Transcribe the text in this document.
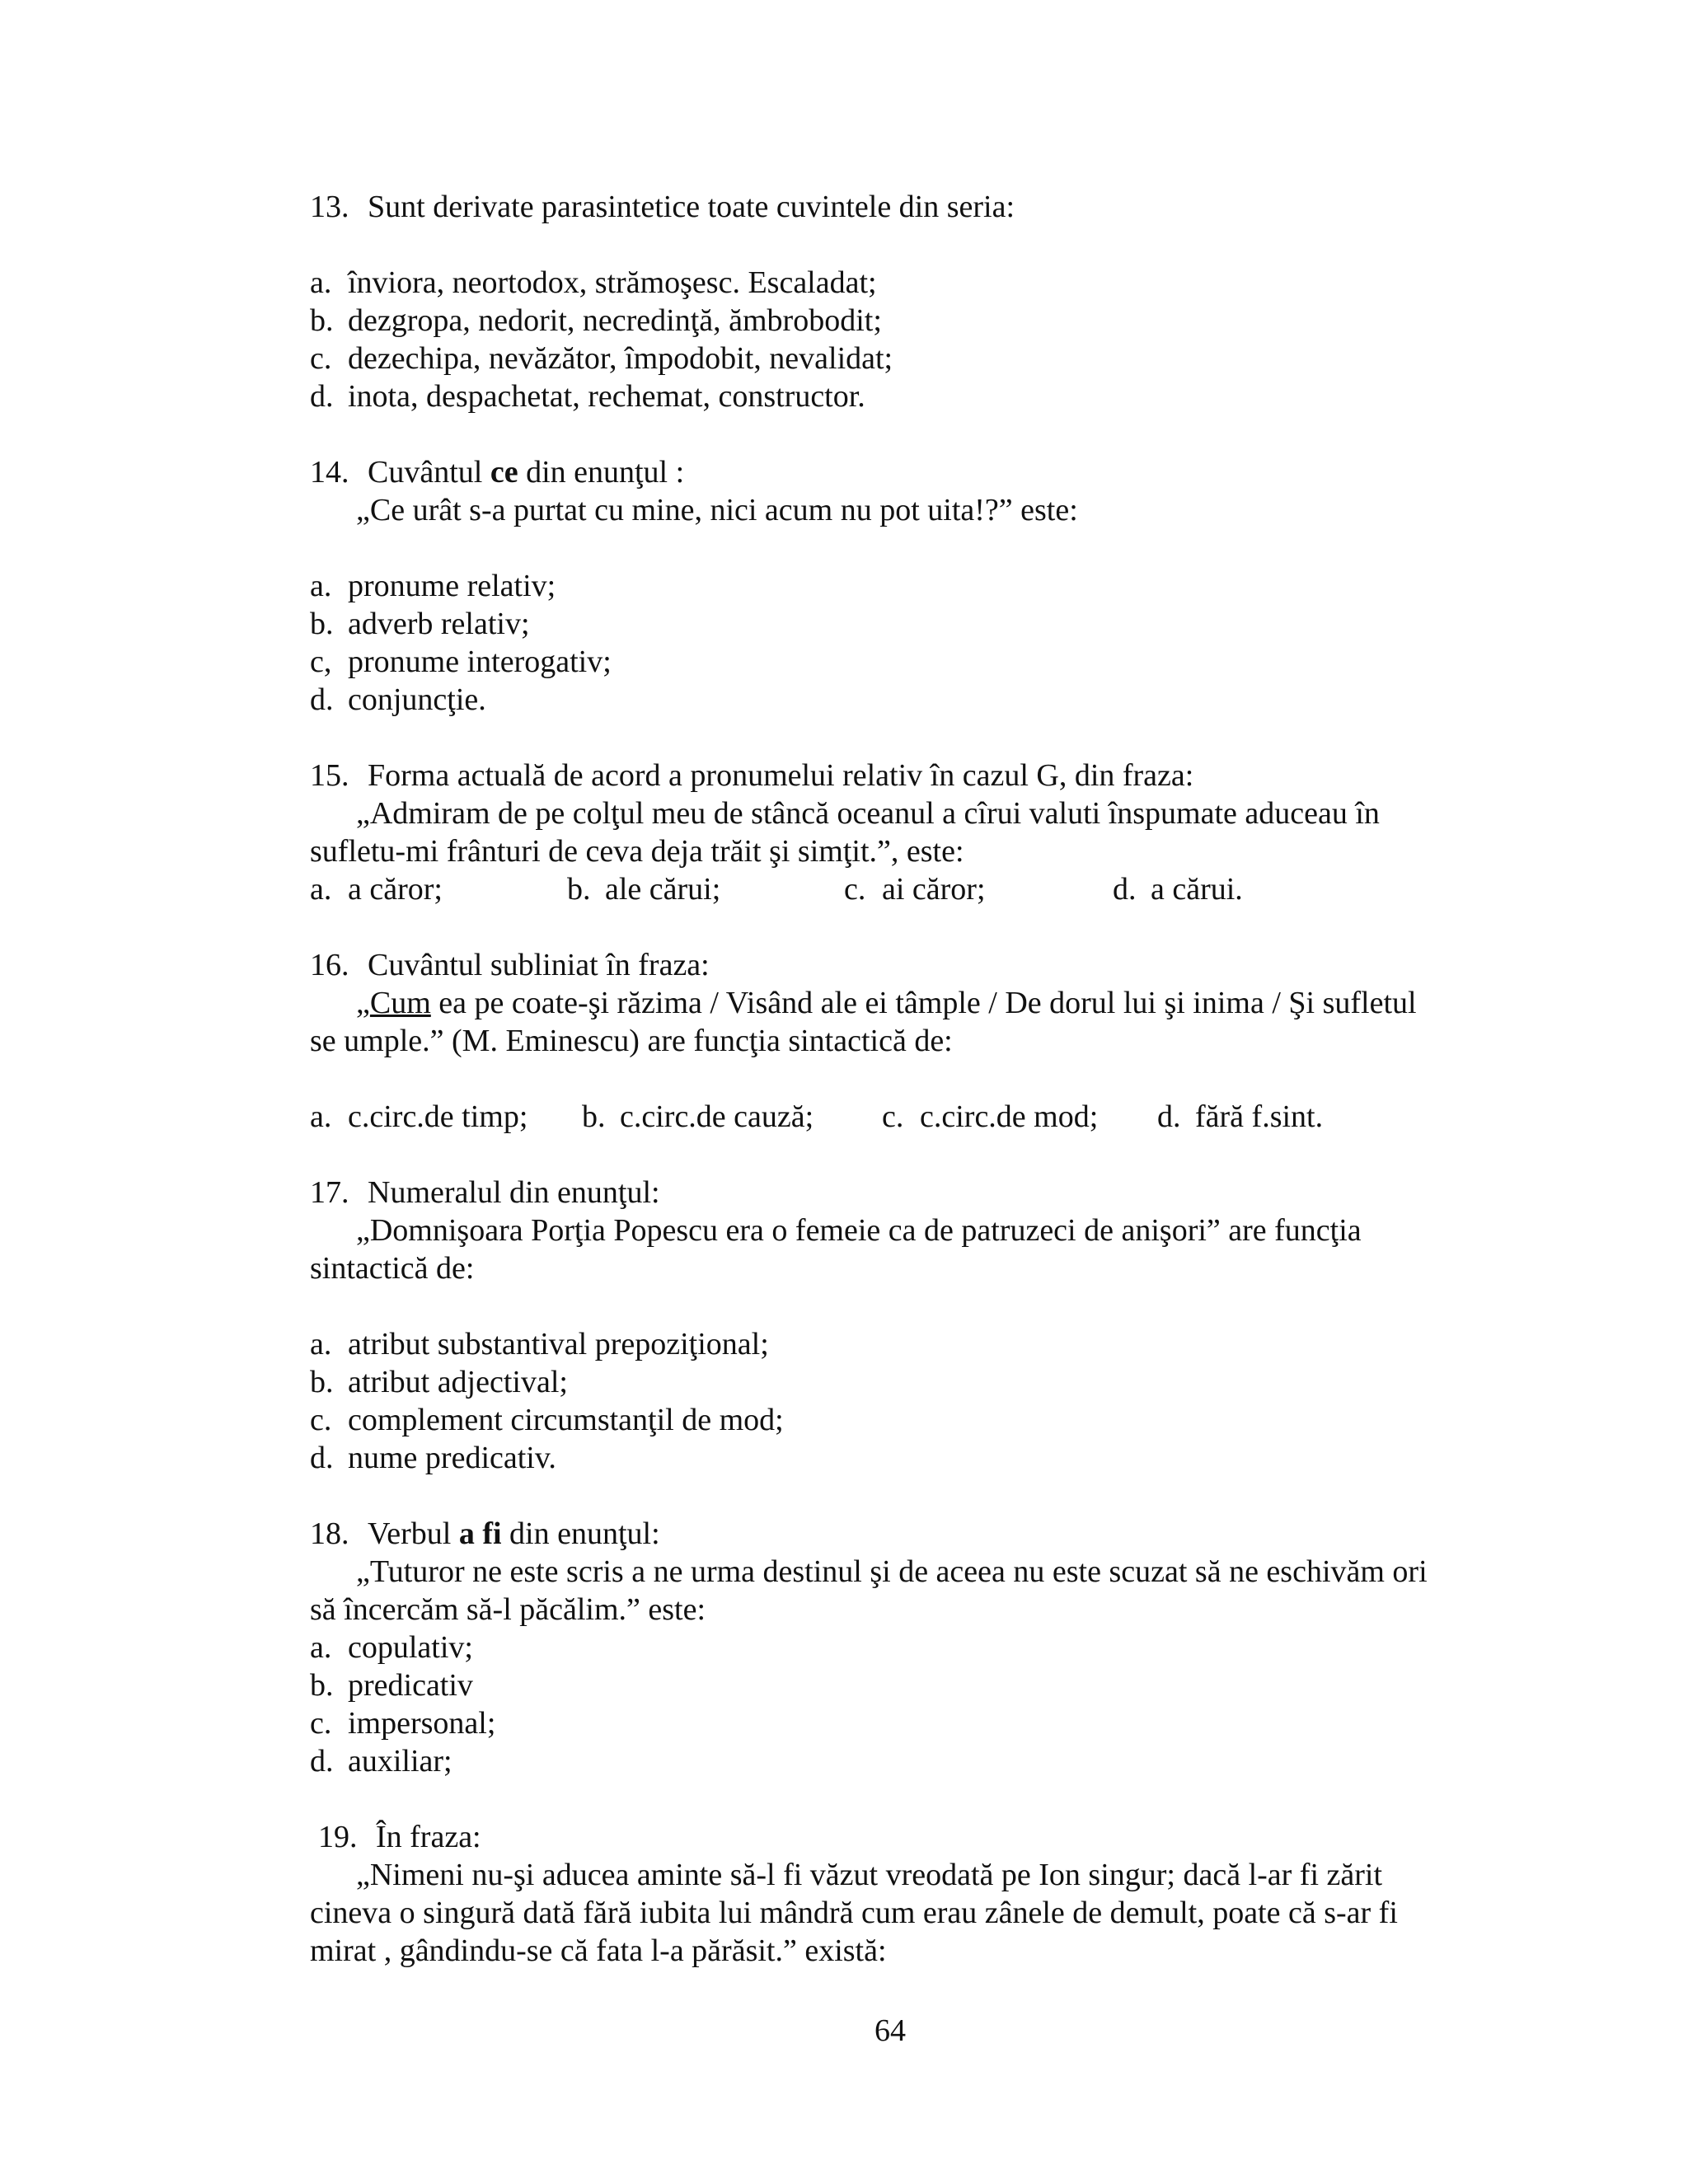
13. Sunt derivate parasintetice toate cuvintele din seria:
a. înviora, neortodox, strămoşesc. Escaladat;
b. dezgropa, nedorit, necredinţă, ămbrobodit;
c. dezechipa, nevăzător, împodobit, nevalidat;
d. inota, despachetat, rechemat, constructor.
14. Cuvântul ce din enunţul :
„Ce urât s-a purtat cu mine, nici acum nu pot uita!?” este:
a. pronume relativ;
b. adverb relativ;
c, pronume interogativ;
d. conjuncţie.
15. Forma actuală de acord a pronumelui relativ în cazul G, din fraza:
„Admiram de pe colţul meu de stâncă oceanul a cîrui valuti înspumate aduceau în
sufletu-mi frânturi de ceva deja trăit şi simţit.”, este:
a. a căror;	b. ale cărui;	c. ai căror;	d. a cărui.
16. Cuvântul subliniat în fraza:
„Cum ea pe coate-şi răzima / Visând ale ei tâmple / De dorul lui şi inima / Şi sufletul
se umple.” (M. Eminescu) are funcţia sintactică de:
a. c.circ.de timp; b. c.circ.de cauză; c. c.circ.de mod; d. fără f.sint.
17. Numeralul din enunţul:
„Domnişoara Porţia Popescu era o femeie ca de patruzeci de anişori” are funcţia
sintactică de:
a. atribut substantival prepoziţional;
b. atribut adjectival;
c. complement circumstanţil de mod;
d. nume predicativ.
18. Verbul a fi din enunţul:
„Tuturor ne este scris a ne urma destinul şi de aceea nu este scuzat să ne eschivăm ori
să încercăm să-l păcălim.” este:
a. copulativ;
b. predicativ
c. impersonal;
d. auxiliar;
19. În fraza:
„Nimeni nu-şi aducea aminte să-l fi văzut vreodată pe Ion singur; dacă l-ar fi zărit
cineva o singură dată fără iubita lui mândră cum erau zânele de demult, poate că s-ar fi
mirat , gândindu-se că fata l-a părăsit.” există:
64
